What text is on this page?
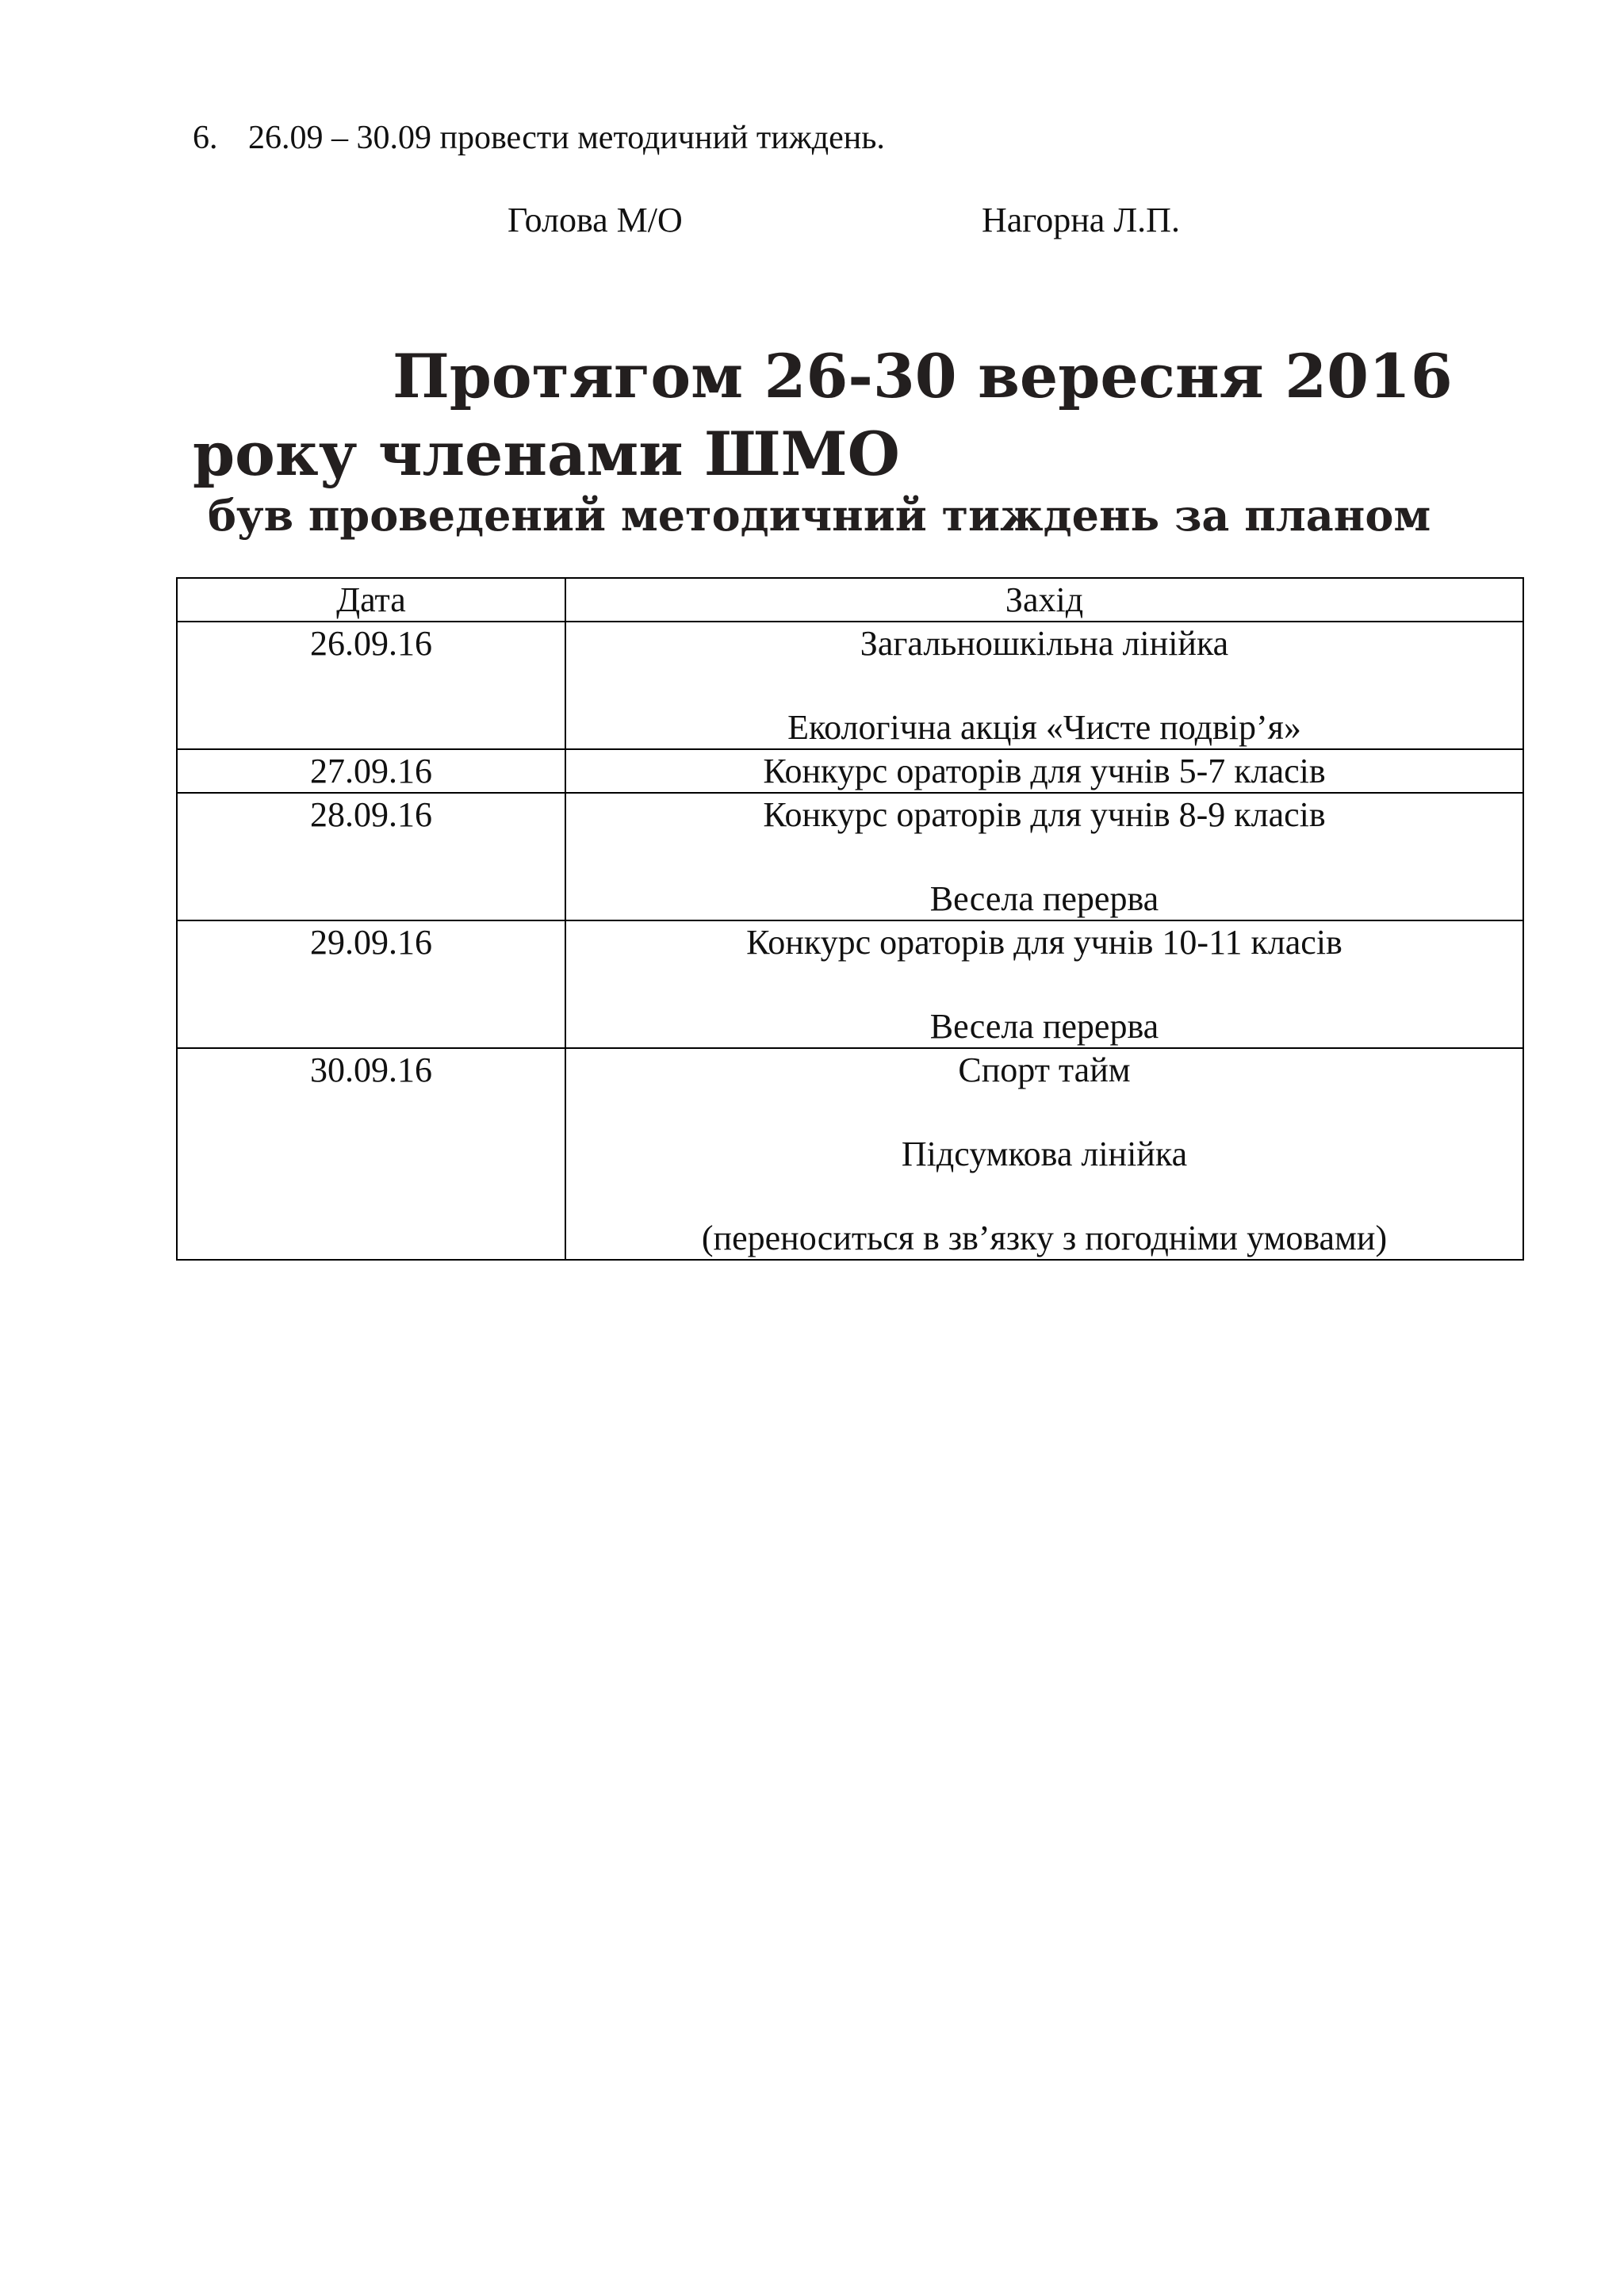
6. 26.09 – 30.09 провести методичний тиждень.
Голова М/О	Нагорна Л.П.
Протягом 26-30 вересня 2016
року членами ШМО
був проведений методичний тиждень за планом
Дата	Захід
26.09.16	Загальношкільна лінійка
Екологічна акція «Чисте подвір’я»

27.09.16	Конкурс ораторів для учнів 5-7 класів

28.09.16	Конкурс ораторів для учнів 8-9 класів
Весела перерва

29.09.16	Конкурс ораторів для учнів 10-11 класів
Весела перерва

30.09.16	Спорт тайм
Підсумкова лінійка
(переноситься в зв’язку з погодніми умовами)
